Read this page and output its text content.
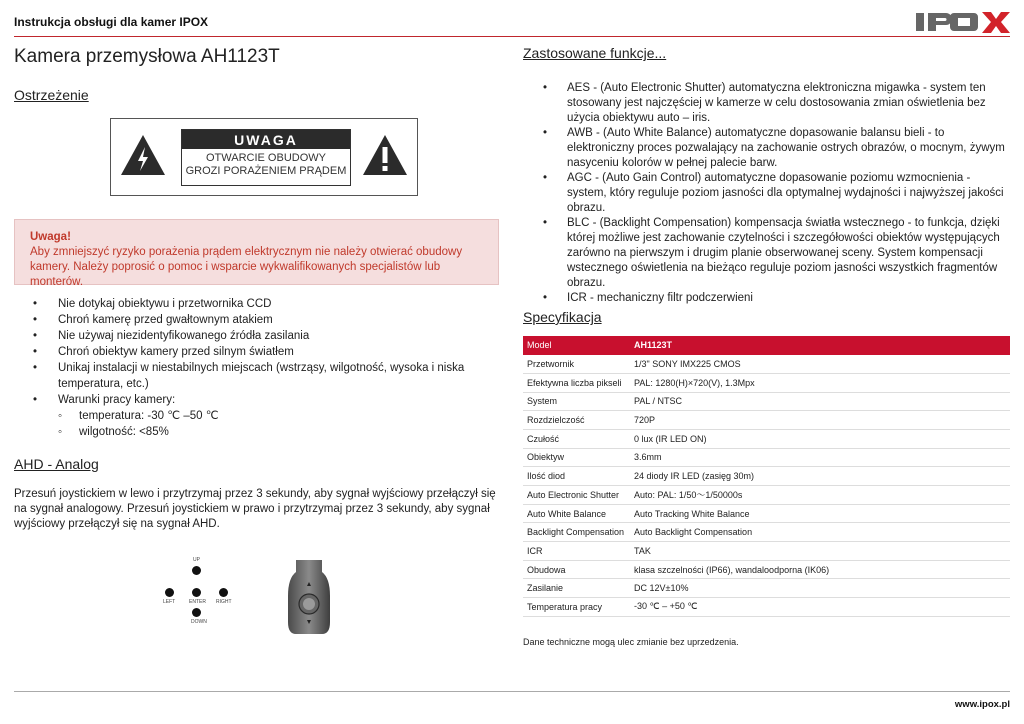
Instrukcja obsługi dla kamer IPOX
Kamera przemysłowa AH1123T
Ostrzeżenie
UWAGA
OTWARCIE OBUDOWY
GROZI PORAŻENIEM PRĄDEM
Uwaga!
Aby zmniejszyć ryzyko porażenia prądem elektrycznym nie należy otwierać obudowy kamery. Należy poprosić o pomoc i wsparcie wykwalifikowanych specjalistów lub monterów.
• Nie dotykaj obiektywu i przetwornika CCD
• Chroń kamerę przed gwałtownym atakiem
• Nie używaj niezidentyfikowanego źródła zasilania
• Chroń obiektyw kamery przed silnym światłem
• Unikaj instalacji w niestabilnych miejscach (wstrząsy, wilgotność, wysoka i niska temperatura, etc.)
• Warunki pracy kamery:
◦ temperatura: -30 ℃ –50 ℃
◦ wilgotność: <85%
AHD - Analog
Przesuń joystickiem w lewo i przytrzymaj przez 3 sekundy, aby sygnał wyjściowy przełączył się na sygnał analogowy. Przesuń joystickiem w prawo i przytrzymaj przez 3 sekundy, aby sygnał wyjściowy przełączył się na sygnał AHD.
UP
LEFT	ENTER RIGHT
DOWN
Zastosowane funkcje...
• AES - (Auto Electronic Shutter) automatyczna elektroniczna migawka - system ten stosowany jest najczęściej w kamerze w celu dostosowania zmian oświetlenia bez użycia obiektywu auto – iris.
• AWB - (Auto White Balance) automatyczne dopasowanie balansu bieli - to elektroniczny proces pozwalający na zachowanie ostrych obrazów, o mocnym, żywym nasyceniu kolorów w pełnej palecie barw.
• AGC - (Auto Gain Control) automatyczne dopasowanie poziomu wzmocnienia - system, który reguluje poziom jasności dla optymalnej wydajności i najwyższej jakości obrazu.
• BLC - (Backlight Compensation) kompensacja światła wstecznego - to funkcja, dzięki której możliwe jest zachowanie czytelności i szczegółowości obiektów występujących zarówno na pierwszym i drugim planie obserwowanej sceny. System kompensacji wstecznego oświetlenia na bieżąco reguluje poziom jasności wszystkich fragmentów obrazu.
• ICR - mechaniczny filtr podczerwieni
Specyfikacja
Model	AH1123T
Przetwornik	1/3" SONY IMX225 CMOS
Efektywna liczba pikseli	PAL: 1280(H)×720(V), 1.3Mpx
System	PAL / NTSC
Rozdzielczość	720P
Czułość	0 lux (IR LED ON)
Obiektyw	3.6mm
Ilość diod	24 diody IR LED (zasięg 30m)
Auto Electronic Shutter	Auto: PAL: 1/50～1/50000s
Auto White Balance	Auto Tracking White Balance
Backlight Compensation	Auto Backlight Compensation
ICR	TAK
Obudowa	klasa szczelności (IP66), wandaloodporna (IK06)
Zasilanie	DC 12V±10%
Temperatura pracy	-30 ℃ – +50 ℃
Dane techniczne mogą ulec zmianie bez uprzedzenia.
www.ipox.pl
